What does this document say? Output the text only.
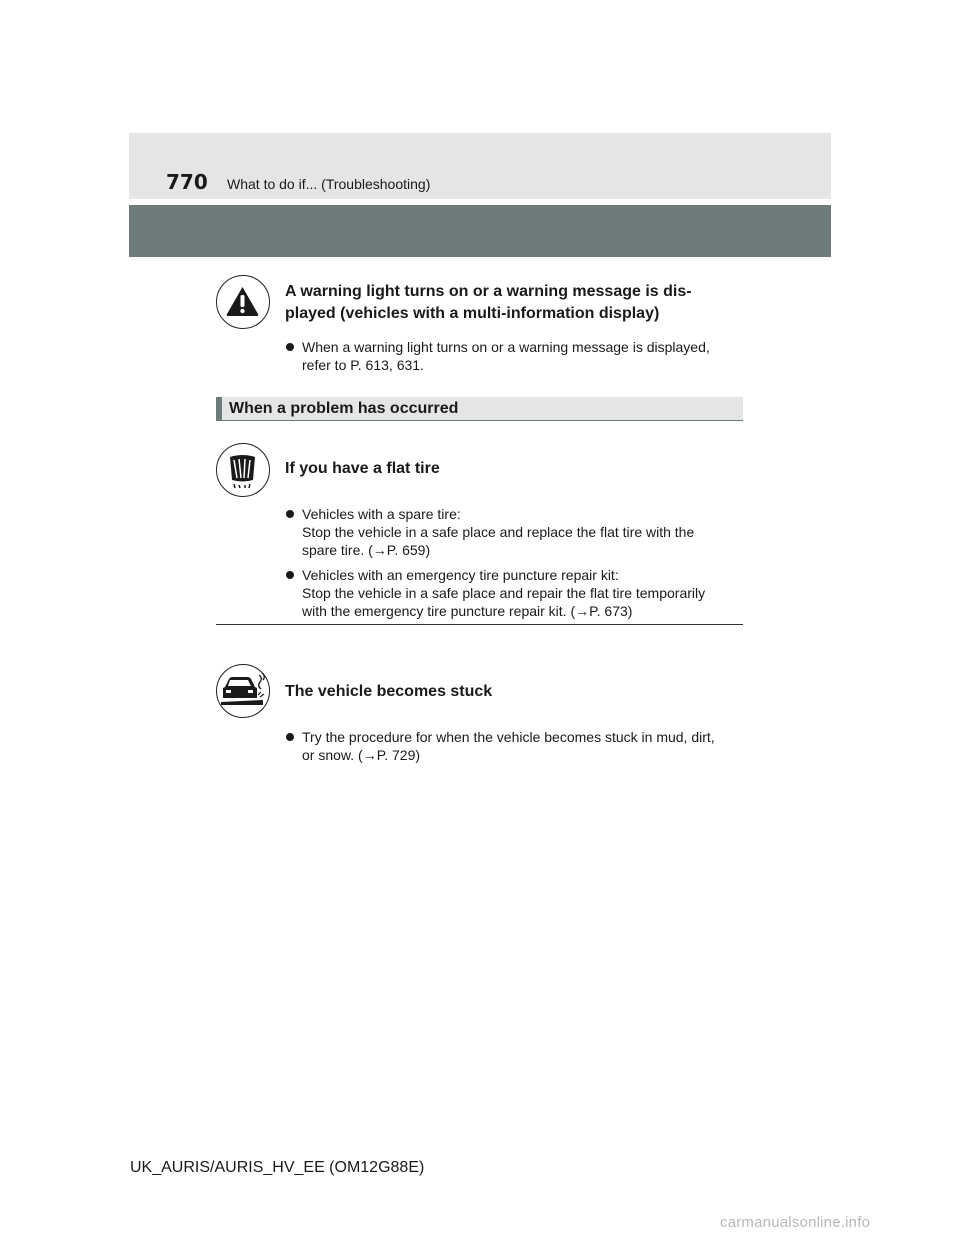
770 What to do if... (Troubleshooting)
A warning light turns on or a warning message is dis-
played (vehicles with a multi-information display)
When a warning light turns on or a warning message is displayed,
refer to P. 613, 631.
When a problem has occurred
If you have a flat tire
Vehicles with a spare tire:
Stop the vehicle in a safe place and replace the flat tire with the
spare tire. (→P. 659)
Vehicles with an emergency tire puncture repair kit:
Stop the vehicle in a safe place and repair the flat tire temporarily
with the emergency tire puncture repair kit. (→P. 673)
The vehicle becomes stuck
Try the procedure for when the vehicle becomes stuck in mud, dirt,
or snow. (→P. 729)
UK_AURIS/AURIS_HV_EE (OM12G88E)
carmanualsonline.info
